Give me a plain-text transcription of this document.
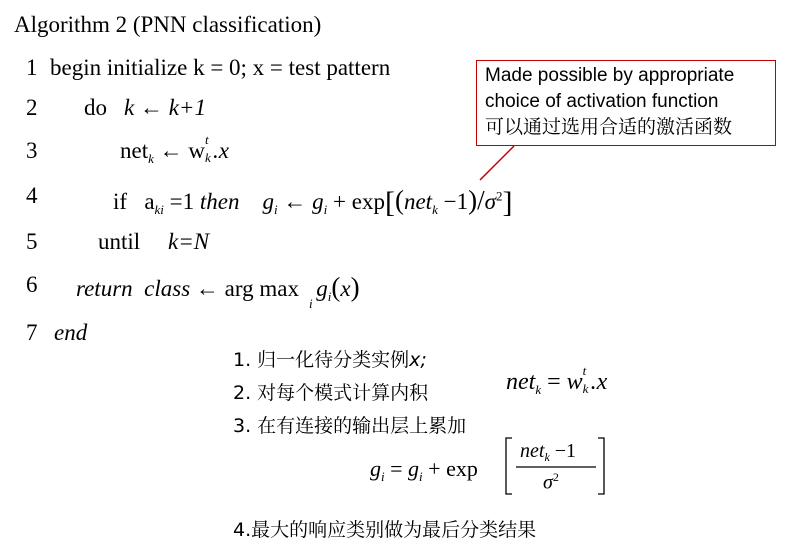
Algorithm 2 (PNN classification)
1 begin initialize k = 0; x = test pattern
2 do k ← k+1
3	net$_k$ ← w t
k .x
4	if $a_{ki} =1$ then $g_i$ ← $g_i + \exp[(net_k -1)/\sigma^2]$
5	until k=N
6 return class ← arg $\max g_i(x)$
i
7 end
Made possible by appropriate
choice of activation function
可以通过选用合适的激活函数
1. 归一化待分类实例x;
2. 对每个模式计算内积	net$_k$ = w t
k .x
3. 在有连接的输出层上累加
$g_i = g_i + \exp$
net$_k$ −1
$\sigma^2$
4.最大的响应类别做为最后分类结果
